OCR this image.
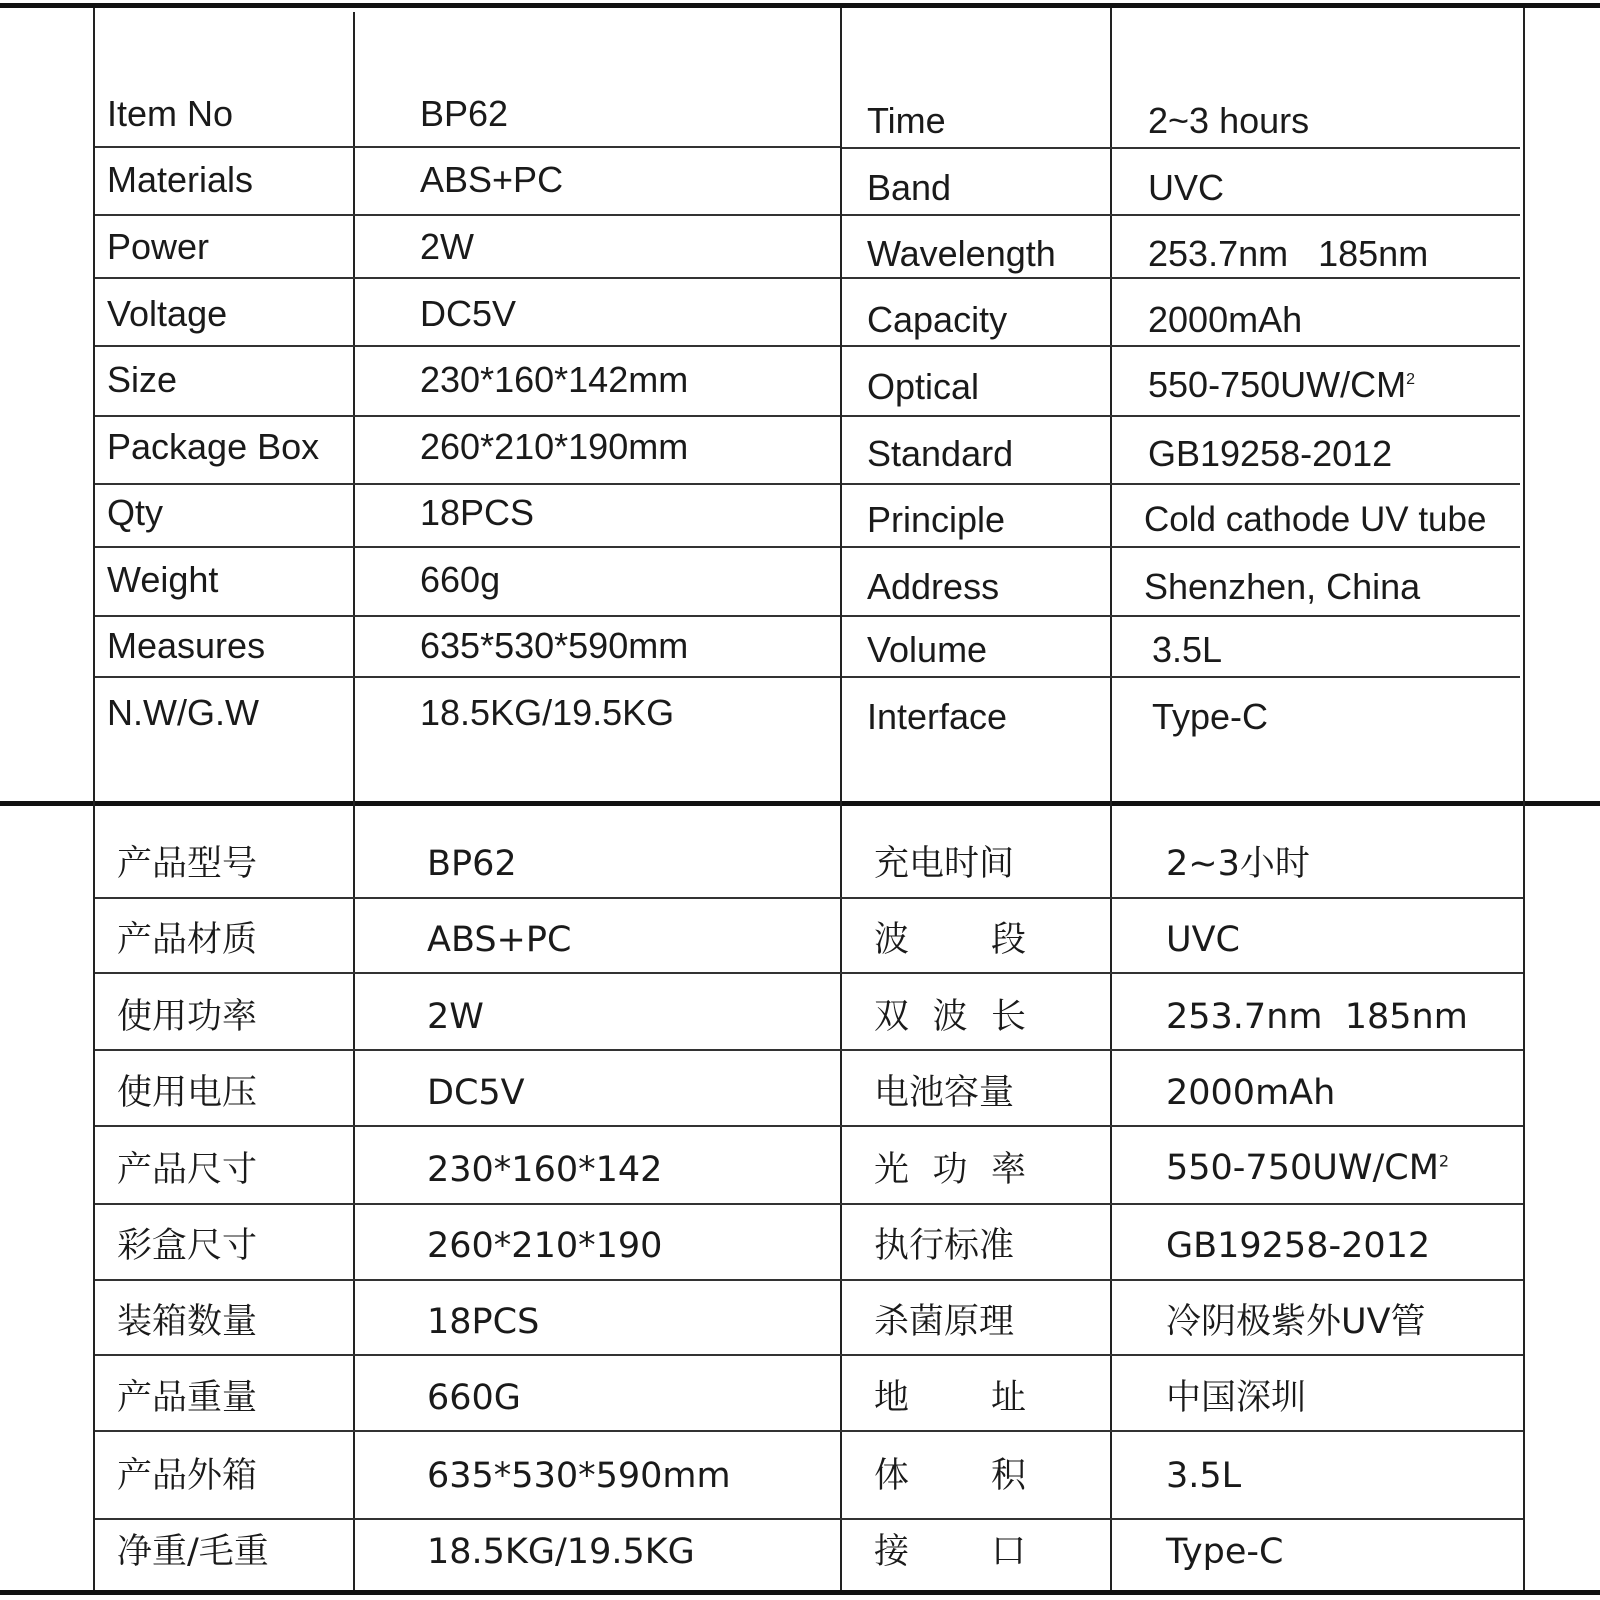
Item No
Materials
Power
Voltage
Size
Package Box
Qty
Weight
Measures
N.W/G.W
BP62
ABS+PC
2W
DC5V
230*160*142mm
260*210*190mm
18PCS
660g
635*530*590mm
18.5KG/19.5KG
Time
Band
Wavelength
Capacity
Optical
Standard
Principle
Address
Volume
Interface
2~3 hours
UVC
253.7nm   185nm
2000mAh
$550-750UW/CM^2$
GB19258-2012
Cold cathode UV tube
Shenzhen, China
3.5L
Type-C
产品型号
产品材质
使用功率
使用电压
产品尺寸
彩盒尺寸
装箱数量
产品重量
产品外箱
净重/毛重
BP62
ABS+PC
2W
DC5V
230*160*142
260*210*190
18PCS
660G
635*530*590mm
18.5KG/19.5KG
充电时间
波 段
双 波 长
电池容量
光 功 率
执行标准
杀菌原理
地 址
体 积
接 口
2~3小时
UVC
253.7nm  185nm
2000mAh
$550-750UW/CM^2$
GB19258-2012
冷阴极紫外UV管
中国深圳
3.5L
Type-C
